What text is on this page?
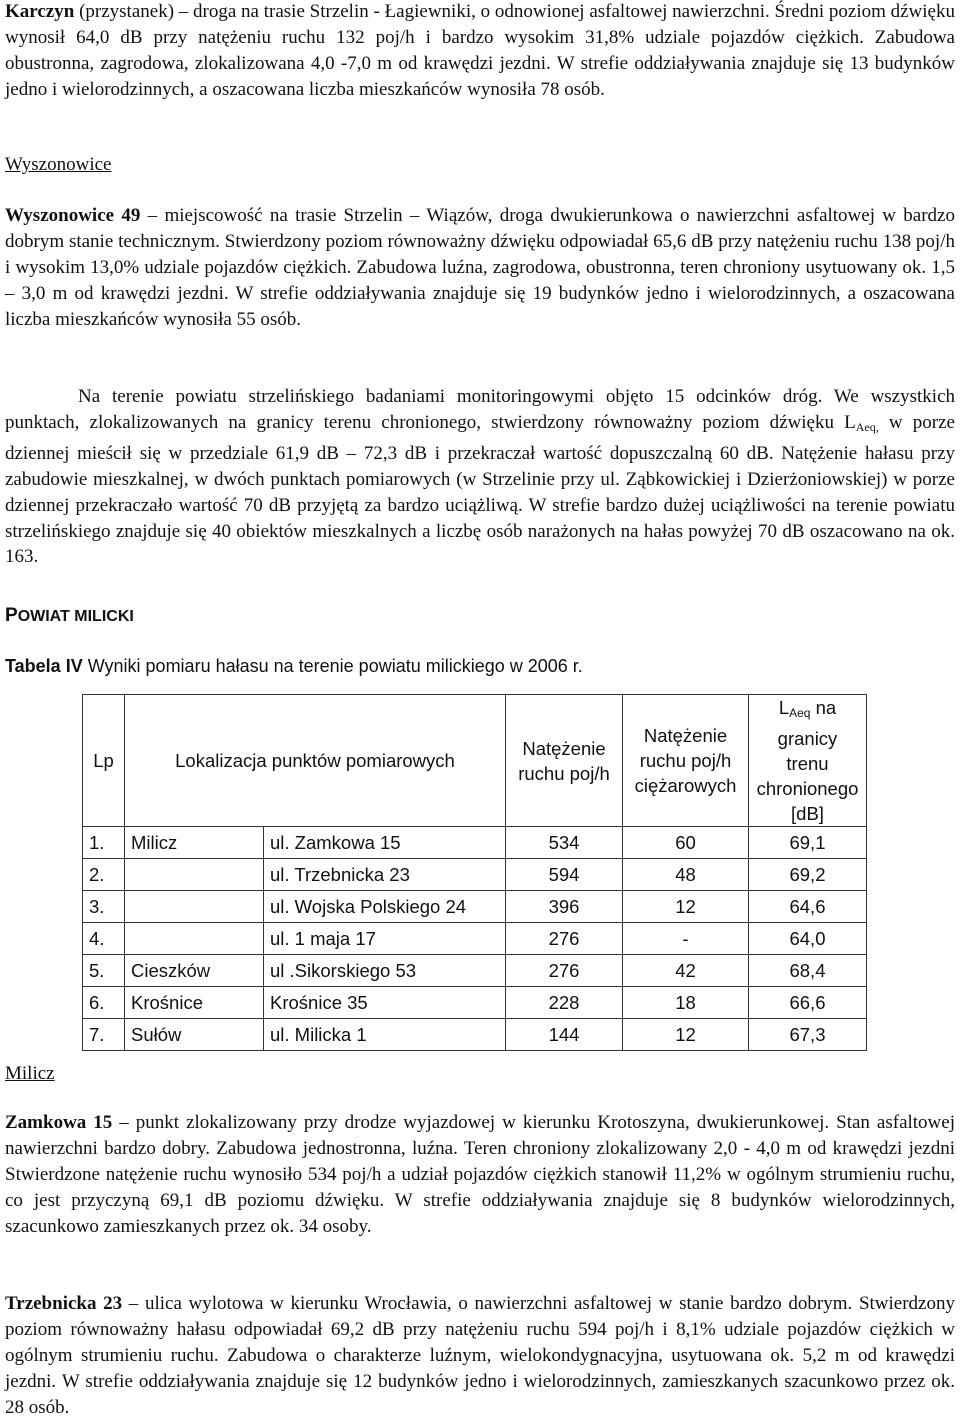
Karczyn (przystanek) – droga na trasie Strzelin - Łagiewniki, o odnowionej asfaltowej nawierzchni. Średni poziom dźwięku wynosił 64,0 dB przy natężeniu ruchu 132 poj/h i bardzo wysokim 31,8% udziale pojazdów ciężkich. Zabudowa obustronna, zagrodowa, zlokalizowana 4,0 -7,0 m od krawędzi jezdni. W strefie oddziaływania znajduje się 13 budynków jedno i wielorodzinnych, a oszacowana liczba mieszkańców wynosiła 78 osób.

Wyszonowice

Wyszonowice 49 – miejscowość na trasie Strzelin – Wiązów, droga dwukierunkowa o nawierzchni asfaltowej w bardzo dobrym stanie technicznym. Stwierdzony poziom równoważny dźwięku odpowiadał 65,6 dB przy natężeniu ruchu 138 poj/h i wysokim 13,0% udziale pojazdów ciężkich. Zabudowa luźna, zagrodowa, obustronna, teren chroniony usytuowany ok. 1,5 – 3,0 m od krawędzi jezdni. W strefie oddziaływania znajduje się 19 budynków jedno i wielorodzinnych, a oszacowana liczba mieszkańców wynosiła 55 osób.

Na terenie powiatu strzelińskiego badaniami monitoringowymi objęto 15 odcinków dróg. We wszystkich punktach, zlokalizowanych na granicy terenu chronionego, stwierdzony równoważny poziom dźwięku $L_{Aeq,}$ w porze dziennej mieścił się w przedziale 61,9 dB – 72,3 dB i przekraczał wartość dopuszczalną 60 dB. Natężenie hałasu przy zabudowie mieszkalnej, w dwóch punktach pomiarowych (w Strzelinie przy ul. Ząbkowickiej i Dzierżoniowskiej) w porze dziennej przekraczało wartość 70 dB przyjętą za bardzo uciążliwą. W strefie bardzo dużej uciążliwości na terenie powiatu strzelińskiego znajduje się 40 obiektów mieszkalnych a liczbę osób narażonych na hałas powyżej 70 dB oszacowano na ok. 163.

POWIAT MILICKI

Tabela IV Wyniki pomiaru hałasu na terenie powiatu milickiego w 2006 r.

Milicz

Zamkowa 15 – punkt zlokalizowany przy drodze wyjazdowej w kierunku Krotoszyna, dwukierunkowej. Stan asfaltowej nawierzchni bardzo dobry. Zabudowa jednostronna, luźna. Teren chroniony zlokalizowany 2,0 - 4,0 m od krawędzi jezdni Stwierdzone natężenie ruchu wynosiło 534 poj/h a udział pojazdów ciężkich stanowił 11,2% w ogólnym strumieniu ruchu, co jest przyczyną 69,1 dB poziomu dźwięku. W strefie oddziaływania znajduje się 8 budynków wielorodzinnych, szacunkowo zamieszkanych przez ok. 34 osoby.

Trzebnicka 23 – ulica wylotowa w kierunku Wrocławia, o nawierzchni asfaltowej w stanie bardzo dobrym. Stwierdzony poziom równoważny hałasu odpowiadał 69,2 dB przy natężeniu ruchu 594 poj/h i 8,1% udziale pojazdów ciężkich w ogólnym strumieniu ruchu. Zabudowa o charakterze luźnym, wielokondygnacyjna, usytuowana ok. 5,2 m od krawędzi jezdni. W strefie oddziaływania znajduje się 12 budynków jedno i wielorodzinnych, zamieszkanych szacunkowo przez ok. 28 osób.

Lp	Lokalizacja punktów pomiarowych		Natężenie ruchu poj/h	Natężenie ruchu poj/h ciężarowych	$L_{Aeq}$ na granicy trenu chronionego [dB]
1.	Milicz	ul. Zamkowa 15	534	60	69,1
2.		ul. Trzebnicka 23	594	48	69,2
3.		ul. Wojska Polskiego 24	396	12	64,6
4.		ul. 1 maja 17	276	-	64,0
5.	Cieszków	ul .Sikorskiego 53	276	42	68,4
6.	Krośnice	Krośnice 35	228	18	66,6
7.	Sułów	ul. Milicka 1	144	12	67,3
